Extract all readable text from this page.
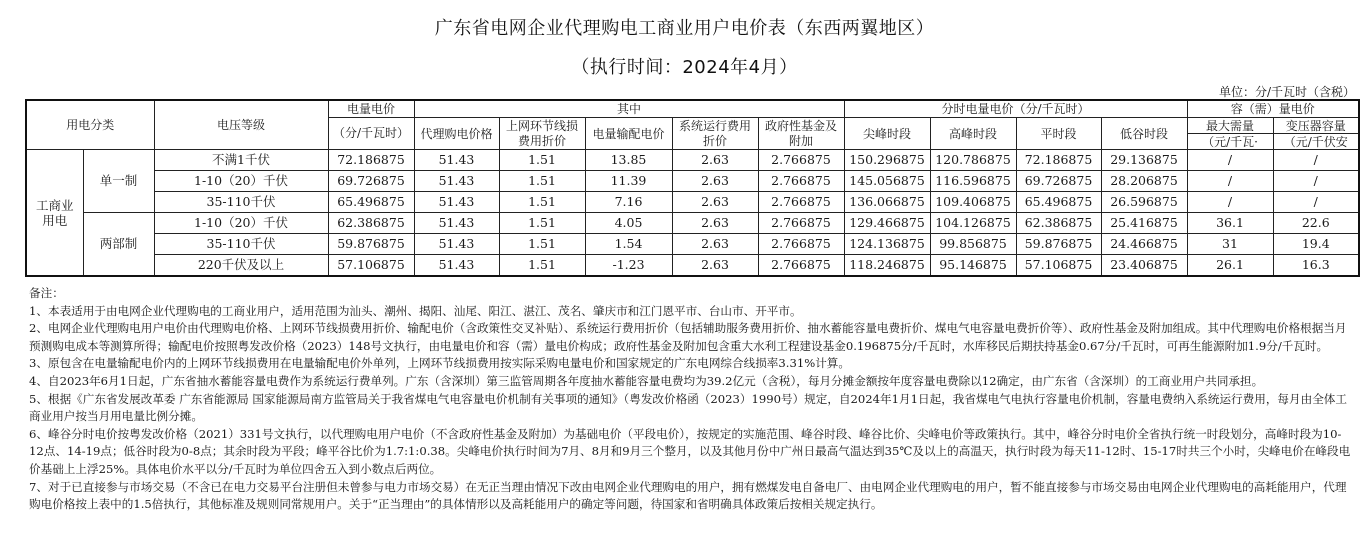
广东省电网企业代理购电工商业用户电价表（东西两翼地区）
（执行时间：2024年4月）
单位：分/千瓦时（含税）
用电分类		电压等级	电量电价	其中					分时电量电价（分/千瓦时）				容（需）量电价	
			（分/千瓦时）	代理购电价格	上网环节线损费用折价	电量输配电价	系统运行费用折价	政府性基金及附加	尖峰时段	高峰时段	平时段	低谷时段	最大需量	变压器容量

													（元/千瓦·	（元/千伏安
工商业用电	单一制	不满1千伏	72.186875	51.43	1.51	13.85	2.63	2.766875	150.296875	120.786875	72.186875	29.136875	/	/
		1-10（20）千伏	69.726875	51.43	1.51	11.39	2.63	2.766875	145.056875	116.596875	69.726875	28.206875	/	/
		35-110千伏	65.496875	51.43	1.51	7.16	2.63	2.766875	136.066875	109.406875	65.496875	26.596875	/	/
	两部制	1-10（20）千伏	62.386875	51.43	1.51	4.05	2.63	2.766875	129.466875	104.126875	62.386875	25.416875	36.1	22.6
		35-110千伏	59.876875	51.43	1.51	1.54	2.63	2.766875	124.136875	99.856875	59.876875	24.466875	31	19.4
		220千伏及以上	57.106875	51.43	1.51	-1.23	2.63	2.766875	118.246875	95.146875	57.106875	23.406875	26.1	16.3

备注：

1、本表适用于由电网企业代理购电的工商业用户，适用范围为汕头、潮州、揭阳、汕尾、阳江、湛江、茂名、肇庆市和江门恩平市、台山市、开平市。

2、电网企业代理购电用户电价由代理购电价格、上网环节线损费用折价、输配电价（含政策性交叉补贴）、系统运行费用折价（包括辅助服务费用折价、抽水蓄能容量电费折价、煤电气电容量电费折价等）、政府性基金及附加组成。其中代理购电价格根据当月预测购电成本等测算所得；输配电价按照粤发改价格（2023）148号文执行，由电量电价和容（需）量电价构成；政府性基金及附加包含重大水利工程建设基金0.196875分/千瓦时，水库移民后期扶持基金0.67分/千瓦时，可再生能源附加1.9分/千瓦时。

3、原包含在电量输配电价内的上网环节线损费用在电量输配电价外单列，上网环节线损费用按实际采购电量电价和国家规定的广东电网综合线损率3.31%计算。

4、自2023年6月1日起，广东省抽水蓄能容量电费作为系统运行费单列。广东（含深圳）第三监管周期各年度抽水蓄能容量电费均为39.2亿元（含税），每月分摊金额按年度容量电费除以12确定，由广东省（含深圳）的工商业用户共同承担。

5、根据《广东省发展改革委 广东省能源局 国家能源局南方监管局关于我省煤电气电容量电价机制有关事项的通知》（粤发改价格函（2023）1990号）规定，自2024年1月1日起，我省煤电气电执行容量电价机制，容量电费纳入系统运行费用，每月由全体工商业用户按当月用电量比例分摊。

6、峰谷分时电价按粤发改价格（2021）331号文执行，以代理购电用户电价（不含政府性基金及附加）为基础电价（平段电价），按规定的实施范围、峰谷时段、峰谷比价、尖峰电价等政策执行。其中，峰谷分时电价全省执行统一时段划分，高峰时段为10-12点、14-19点；低谷时段为0-8点；其余时段为平段；峰平谷比价为1.7:1:0.38。尖峰电价执行时间为7月、8月和9月三个整月，以及其他月份中广州日最高气温达到35℃及以上的高温天，执行时段为每天11-12时、15-17时共三个小时，尖峰电价在峰段电价基础上上浮25%。具体电价水平以分/千瓦时为单位四舍五入到小数点后两位。

7、对于已直接参与市场交易（不含已在电力交易平台注册但未曾参与电力市场交易）在无正当理由情况下改由电网企业代理购电的用户，拥有燃煤发电自备电厂、由电网企业代理购电的用户，暂不能直接参与市场交易由电网企业代理购电的高耗能用户，代理购电价格按上表中的1.5倍执行，其他标准及规则同常规用户。关于“正当理由”的具体情形以及高耗能用户的确定等问题，待国家和省明确具体政策后按相关规定执行。
